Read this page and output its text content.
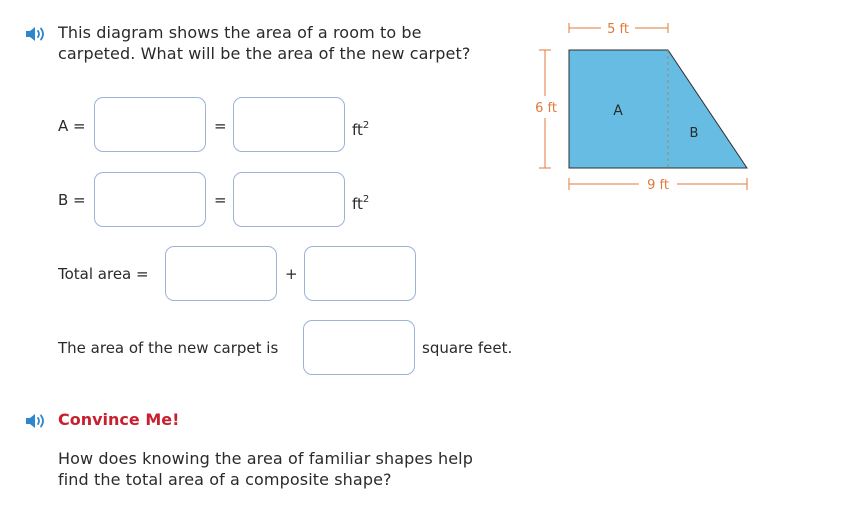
This diagram shows the area of a room to be
carpeted. What will be the area of the new carpet?
A =	=	$ft^2$
B =	=	$ft^2$
Total area =	+
The area of the new carpet is	square feet.
Convince Me!
How does knowing the area of familiar shapes help
find the total area of a composite shape?
5 ft
6 ft
9 ft
A
B
